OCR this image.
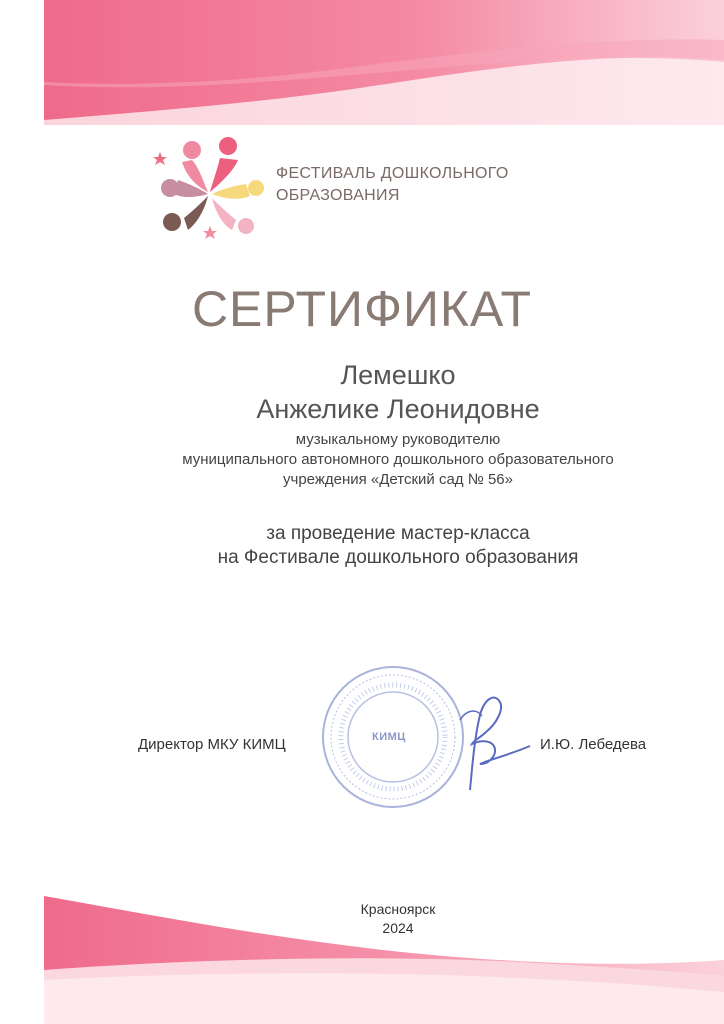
ФЕСТИВАЛЬ ДОШКОЛЬНОГО
ОБРАЗОВАНИЯ
СЕРТИФИКАТ
Лемешко
Анжелике Леонидовне
музыкальному руководителю
муниципального автономного дошкольного образовательного
учреждения «Детский сад № 56»
за проведение мастер-класса
на Фестивале дошкольного образования
Директор МКУ КИМЦ	КИМЦ	И.Ю. Лебедева
Красноярск
2024
